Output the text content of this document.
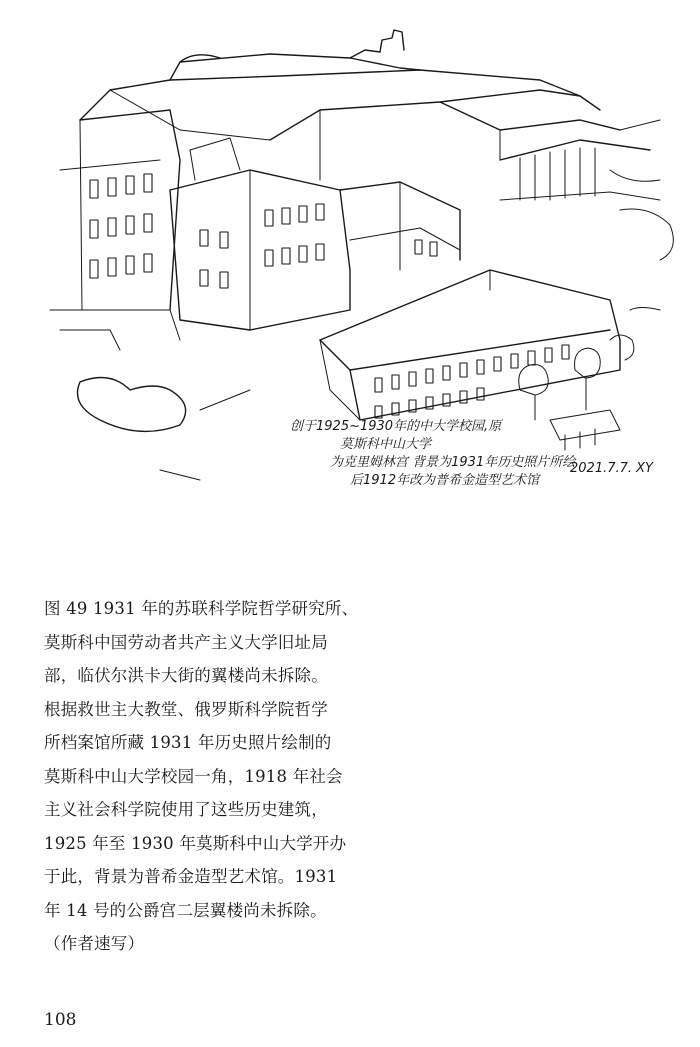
创于1925~1930年的中大学校园,原
莫斯科中山大学
为克里姆林宫 背景为1931年历史照片所绘
后1912年改为普希金造型艺术馆
2021.7.7. XY

图 49 1931 年的苏联科学院哲学研究所、

莫斯科中国劳动者共产主义大学旧址局

部，临伏尔洪卡大街的翼楼尚未拆除。

根据救世主大教堂、俄罗斯科学院哲学

所档案馆所藏 1931 年历史照片绘制的

莫斯科中山大学校园一角，1918 年社会

主义社会科学院使用了这些历史建筑，

1925 年至 1930 年莫斯科中山大学开办

于此，背景为普希金造型艺术馆。1931

年 14 号的公爵宫二层翼楼尚未拆除。

（作者速写）

108
